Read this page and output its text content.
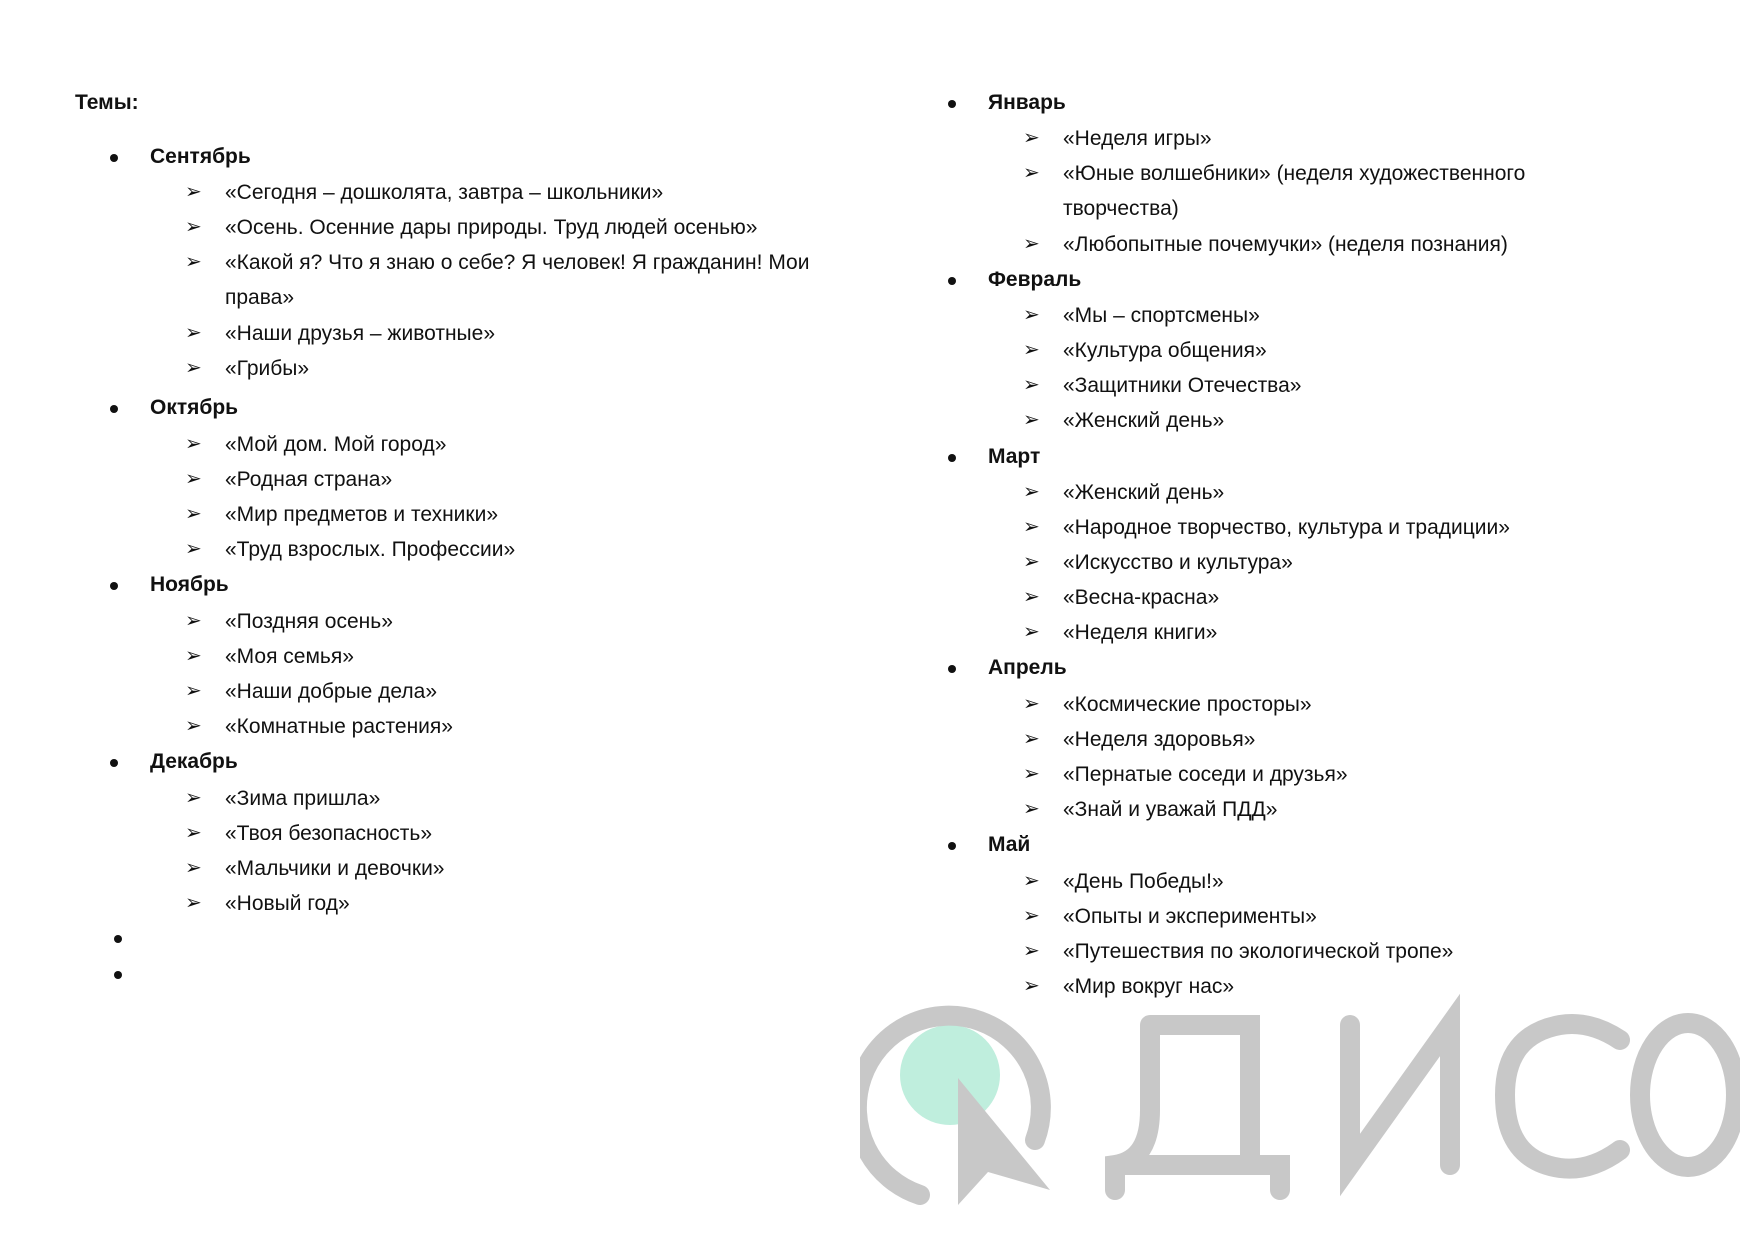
Темы:
Сентябрь
➢ «Сегодня – дошколята, завтра – школьники»
➢ «Осень. Осенние дары природы. Труд людей осенью»
➢ «Какой я? Что я знаю о себе? Я человек! Я гражданин! Мои права»
➢ «Наши друзья – животные»
➢ «Грибы»
Октябрь
➢ «Мой дом. Мой город»
➢ «Родная страна»
➢ «Мир предметов и техники»
➢ «Труд взрослых. Профессии»
Ноябрь
➢ «Поздняя осень»
➢ «Моя семья»
➢ «Наши добрые дела»
➢ «Комнатные растения»
Декабрь
➢ «Зима пришла»
➢ «Твоя безопасность»
➢ «Мальчики и девочки»
➢ «Новый год»
Январь
➢ «Неделя игры»
➢ «Юные волшебники» (неделя художественного творчества)
➢ «Любопытные почемучки» (неделя познания)
Февраль
➢ «Мы – спортсмены»
➢ «Культура общения»
➢ «Защитники Отечества»
➢ «Женский день»
Март
➢ «Женский день»
➢ «Народное творчество, культура и традиции»
➢ «Искусство и культура»
➢ «Весна-красна»
➢ «Неделя книги»
Апрель
➢ «Космические просторы»
➢ «Неделя здоровья»
➢ «Пернатые соседи и друзья»
➢ «Знай и уважай ПДД»
Май
➢ «День Победы!»
➢ «Опыты и эксперименты»
➢ «Путешествия по экологической тропе»
➢ «Мир вокруг нас»
